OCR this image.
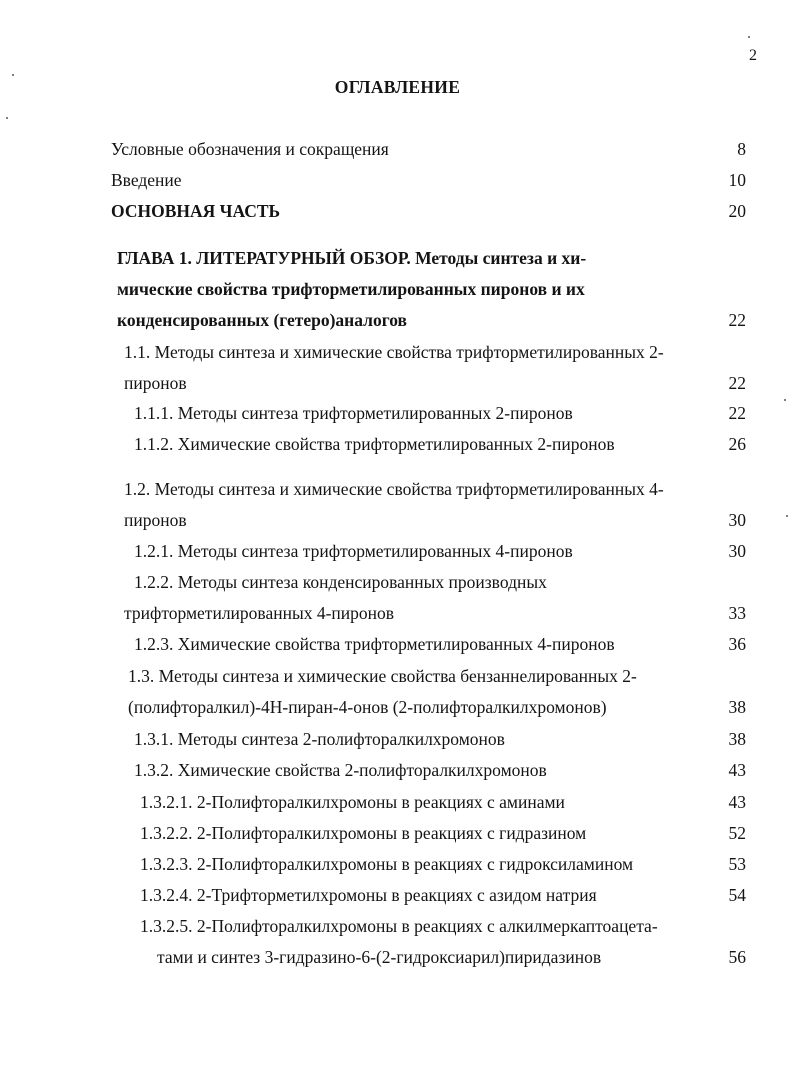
2
ОГЛАВЛЕНИЕ
Условные обозначения и сокращения	8
Введение	10
ОСНОВНАЯ ЧАСТЬ	20
ГЛАВА 1. ЛИТЕРАТУРНЫЙ ОБЗОР. Методы синтеза и хи-
мические свойства трифторметилированных пиронов и их
конденсированных (гетеро)аналогов	22
1.1. Методы синтеза и химические свойства трифторметилированных 2-
пиронов	22
1.1.1. Методы синтеза трифторметилированных 2-пиронов	22
1.1.2. Химические свойства трифторметилированных 2-пиронов	26
1.2. Методы синтеза и химические свойства трифторметилированных 4-
пиронов	30
1.2.1. Методы синтеза трифторметилированных 4-пиронов	30
1.2.2. Методы синтеза конденсированных производных
трифторметилированных 4-пиронов	33
1.2.3. Химические свойства трифторметилированных 4-пиронов	36
1.3. Методы синтеза и химические свойства бензаннелированных 2-
(полифторалкил)-4H-пиран-4-онов (2-полифторалкилхромонов)	38
1.3.1. Методы синтеза 2-полифторалкилхромонов	38
1.3.2. Химические свойства 2-полифторалкилхромонов	43
1.3.2.1. 2-Полифторалкилхромоны в реакциях с аминами	43
1.3.2.2. 2-Полифторалкилхромоны в реакциях с гидразином	52
1.3.2.3. 2-Полифторалкилхромоны в реакциях с гидроксиламином	53
1.3.2.4. 2-Трифторметилхромоны в реакциях с азидом натрия	54
1.3.2.5. 2-Полифторалкилхромоны в реакциях с алкилмеркаптоацета-
тами и синтез 3-гидразино-6-(2-гидроксиарил)пиридазинов	56
